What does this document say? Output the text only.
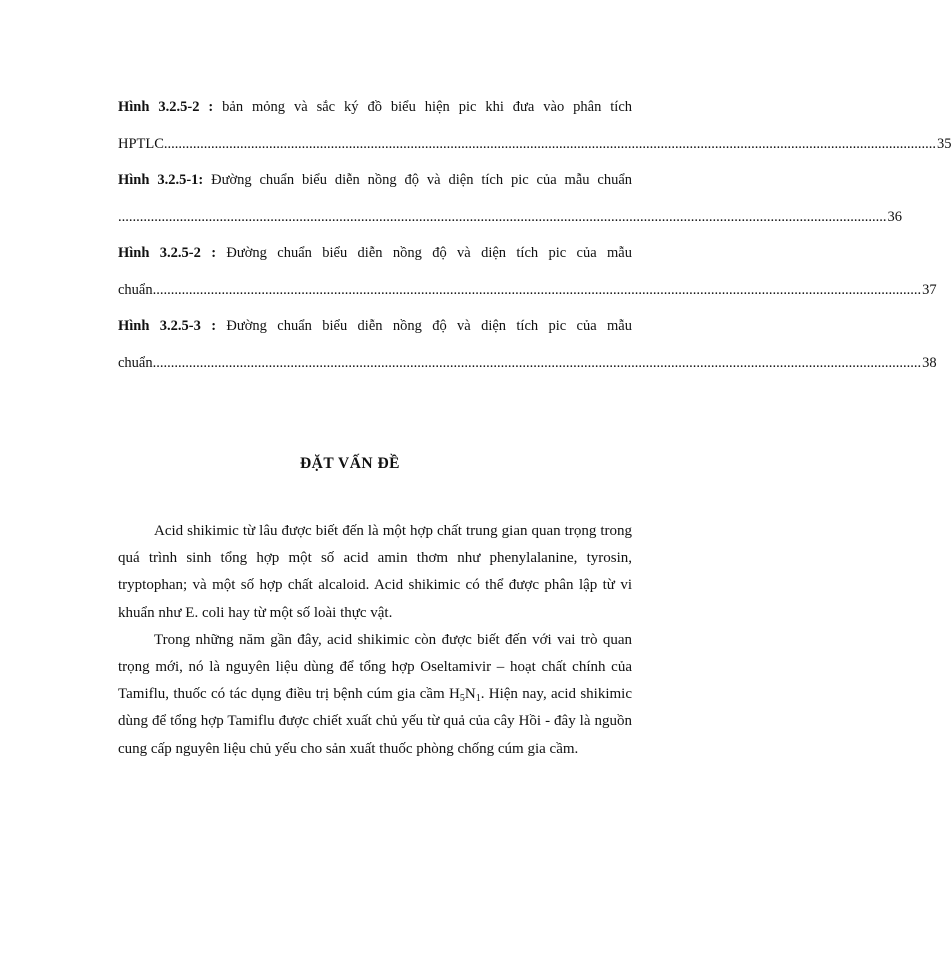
Hình 3.2.5-2 : bản mỏng và sắc ký đồ biểu hiện pic khi đưa vào phân tích
HPTLC. .................................................................................................................................................................................................................... 35
Hình 3.2.5-1: Đường chuẩn biểu diễn nồng độ và diện tích pic của mẫu chuẩn
.................................................................................................................................................................................................................... 36
Hình 3.2.5-2 : Đường chuẩn biểu diễn nồng độ và diện tích pic của mẫu
chuẩn .................................................................................................................................................................................................................... 37
Hình 3.2.5-3 : Đường chuẩn biểu diễn nồng độ và diện tích pic của mẫu
chuẩn .................................................................................................................................................................................................................... 38
ĐẶT VẤN ĐỀ

Acid shikimic từ lâu được biết đến là một hợp chất trung gian quan trọng trong quá trình sinh tổng hợp một số acid amin thơm như phenylalanine, tyrosin, tryptophan; và một số hợp chất alcaloid. Acid shikimic có thể được phân lập từ vi khuẩn như E. coli hay từ một số loài thực vật.

Trong những năm gần đây, acid shikimic còn được biết đến với vai trò quan trọng mới, nó là nguyên liệu dùng để tổng hợp Oseltamivir – hoạt chất chính của Tamiflu, thuốc có tác dụng điều trị bệnh cúm gia cầm $H_5N_1$. Hiện nay, acid shikimic dùng để tổng hợp Tamiflu được chiết xuất chủ yếu từ quả của cây Hồi - đây là nguồn cung cấp nguyên liệu chủ yếu cho sản xuất thuốc phòng chống cúm gia cầm.
